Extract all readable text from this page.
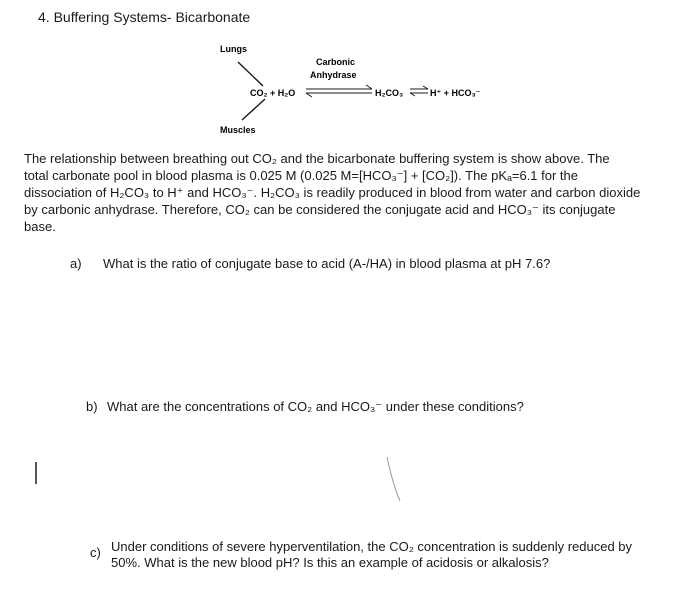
4. Buffering Systems- Bicarbonate
Lungs
Muscles
Carbonic
Anhydrase
CO₂ + H₂O	H₂CO₃	H⁺ + HCO₃⁻
The relationship between breathing out CO₂ and the bicarbonate buffering system is show above. The
total carbonate pool in blood plasma is 0.025 M (0.025 M=[HCO₃⁻] + [CO₂]). The pKₐ=6.1 for the
dissociation of H₂CO₃ to H⁺ and HCO₃⁻. H₂CO₃ is readily produced in blood from water and carbon dioxide
by carbonic anhydrase. Therefore, CO₂ can be considered the conjugate acid and HCO₃⁻ its conjugate
base.
a) What is the ratio of conjugate base to acid (A-/HA) in blood plasma at pH 7.6?
b) What are the concentrations of CO₂ and HCO₃⁻ under these conditions?
c) Under conditions of severe hyperventilation, the CO₂ concentration is suddenly reduced by
50%. What is the new blood pH? Is this an example of acidosis or alkalosis?
